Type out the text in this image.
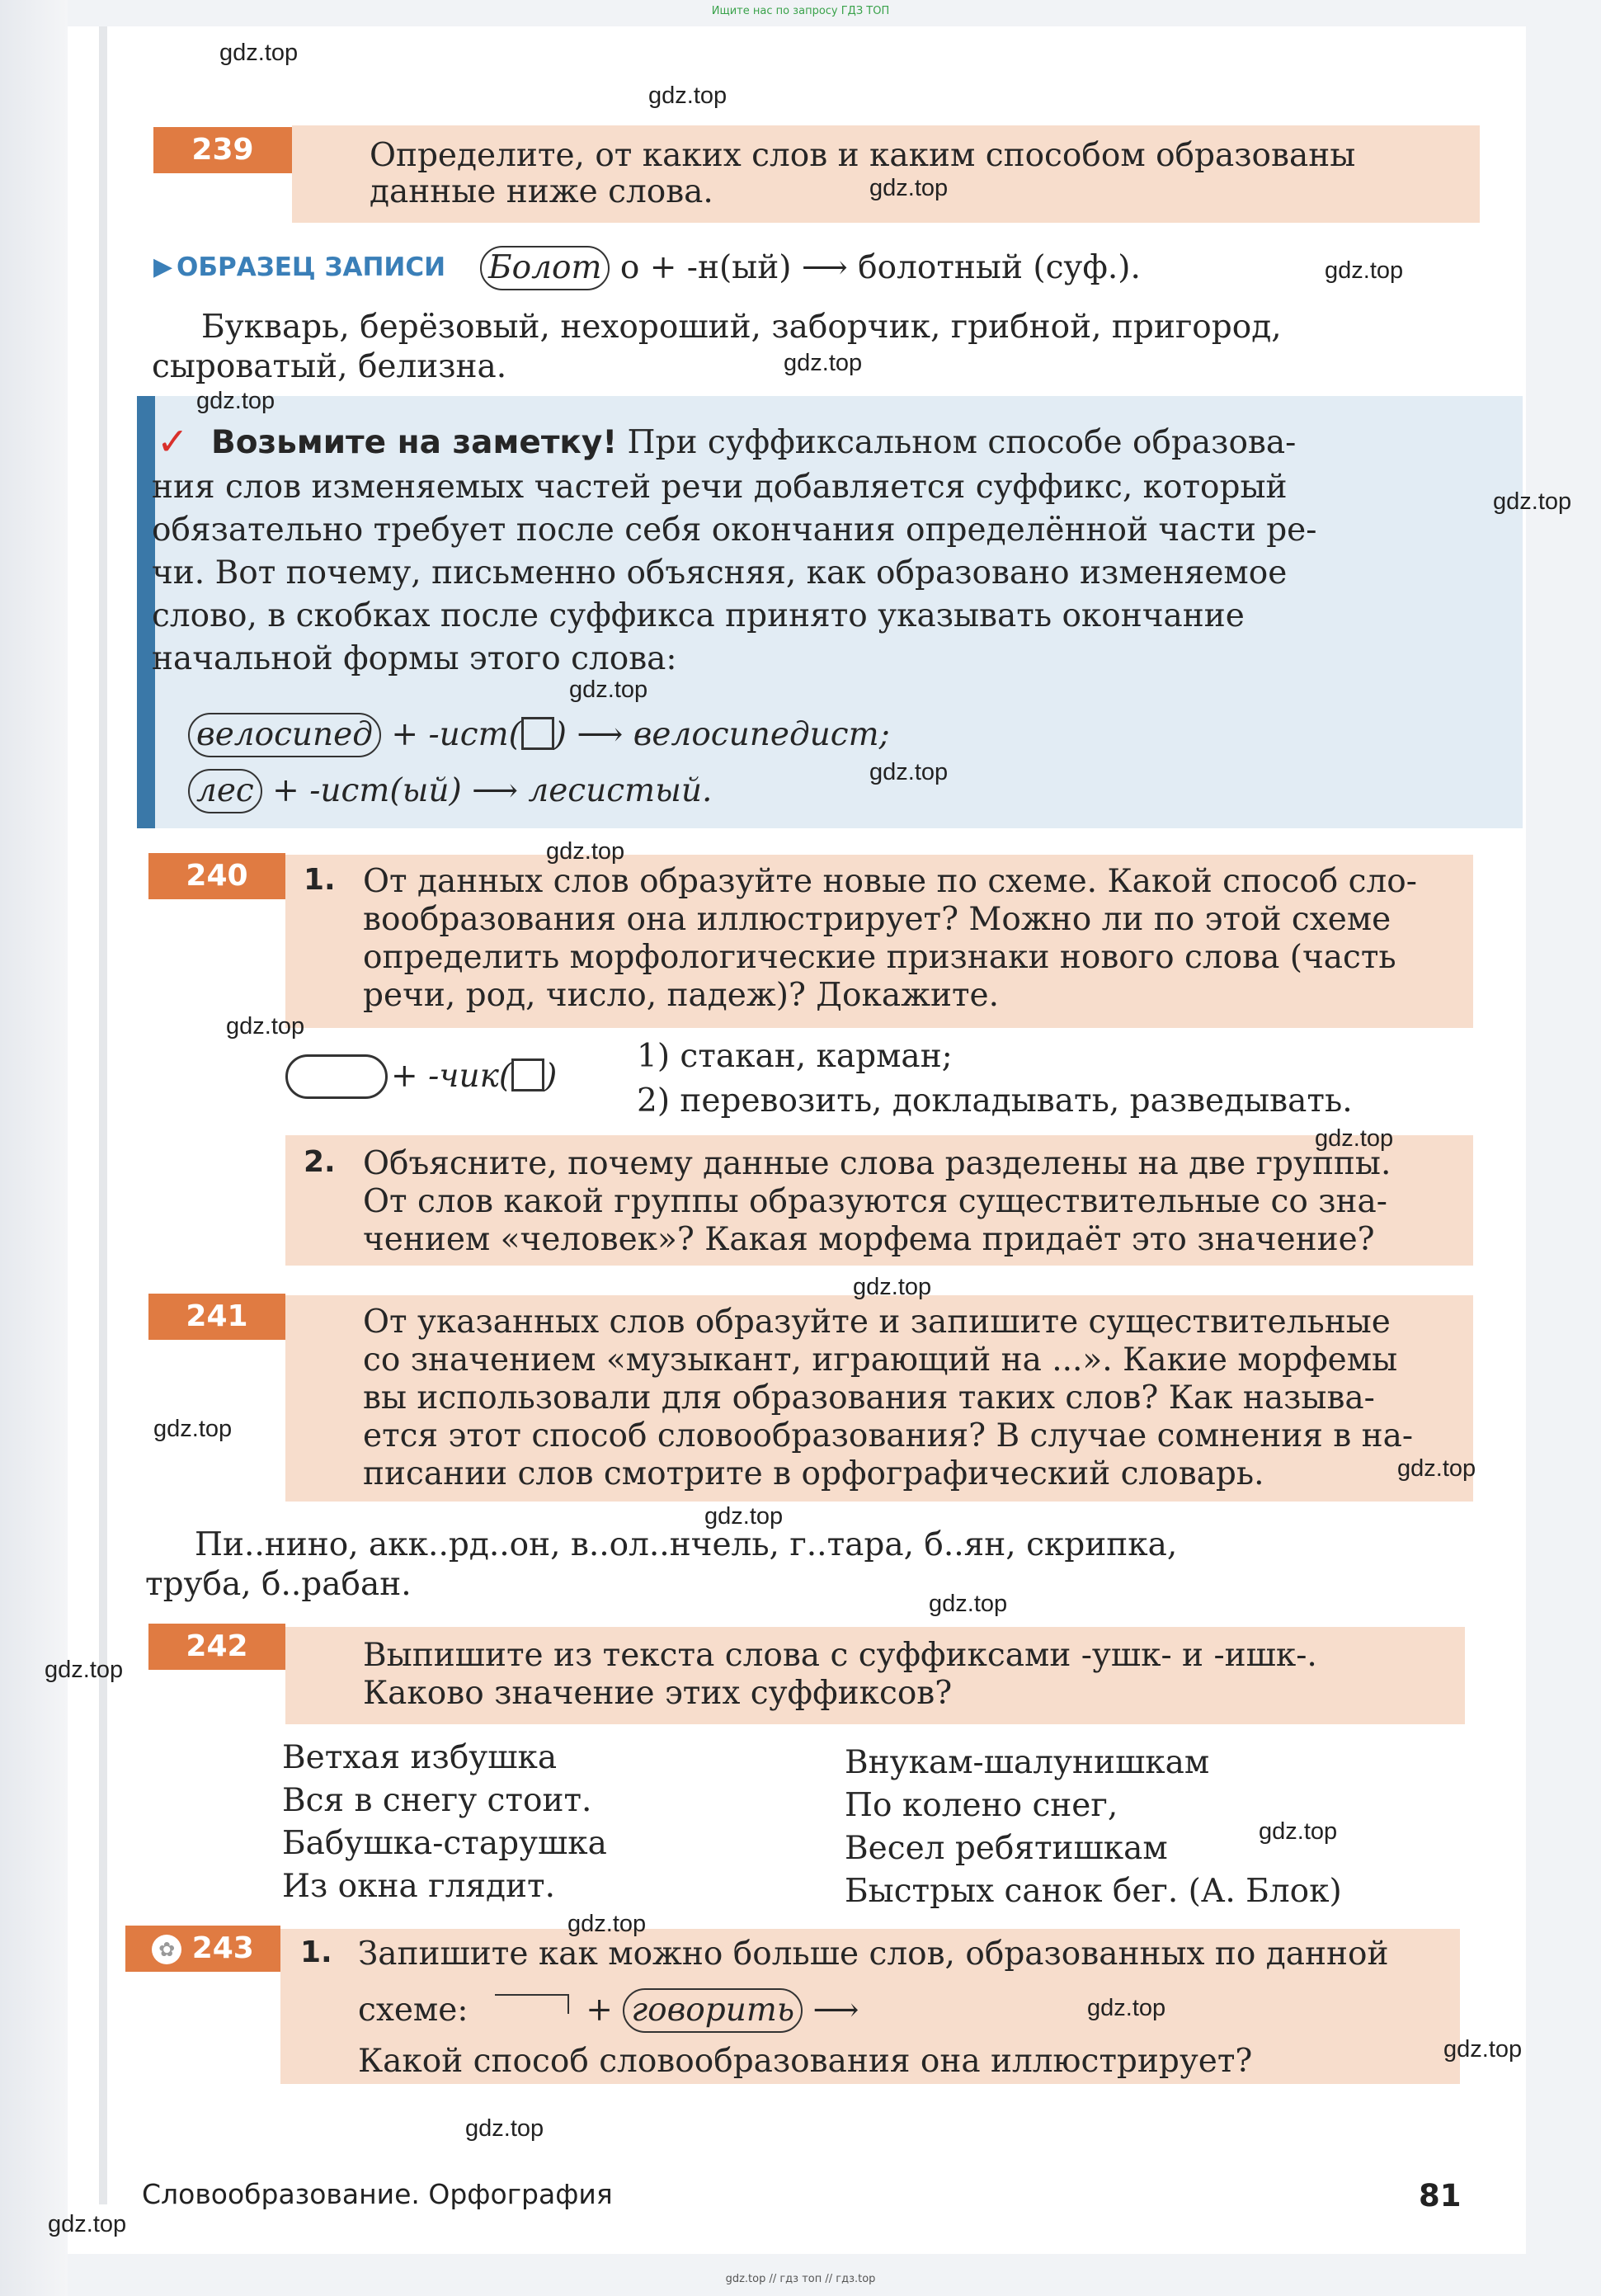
Ищите нас по запросу ГДЗ ТОП
239	Определите, от каких слов и каким способом образованы
данные ниже слова.
▶ ОБРАЗЕЦ ЗАПИСИ Болот о + -н(ый) ⟶ болотный (суф.).
Букварь, берёзовый, нехороший, заборчик, грибной, пригород,
сыроватый, белизна.
✓ Возьмите на заметку! При суффиксальном способе образова-
ния слов изменяемых частей речи добавляется суффикс, который
обязательно требует после себя окончания определённой части ре-
чи. Вот почему, письменно объясняя, как образовано изменяемое
слово, в скобках после суффикса принято указывать окончание
начальной формы этого слова:
велосипед + -ист( ) ⟶ велосипедист;
лес + -ист(ый) ⟶ лесистый.
240	1. От данных слов образуйте новые по схеме. Какой способ сло-
вообразования она иллюстрирует? Можно ли по этой схеме
определить морфологические признаки нового слова (часть
речи, род, число, падеж)? Докажите.
+ -чик( )
1) стакан, карман;
2) перевозить, докладывать, разведывать.
2. Объясните, почему данные слова разделены на две группы.
От слов какой группы образуются существительные со зна-
чением «человек»? Какая морфема придаёт это значение?
241	От указанных слов образуйте и запишите существительные
со значением «музыкант, играющий на ...». Какие морфемы
вы использовали для образования таких слов? Как называ-
ется этот способ словообразования? В случае сомнения в на-
писании слов смотрите в орфографический словарь.
Пи..нино, акк..рд..он, в..ол..нчель, г..тара, б..ян, скрипка,
труба, б..рабан.
242	Выпишите из текста слова с суффиксами -ушк- и -ишк-.
Каково значение этих суффиксов?
Ветхая избушка
Вся в снегу стоит.
Бабушка-старушка
Из окна глядит.
Внукам-шалунишкам
По колено снег,
Весел ребятишкам
Быстрых санок бег. (А. Блок)
✿ 243	1. Запишите как можно больше слов, образованных по данной
схеме:	+ говорить ⟶
Какой способ словообразования она иллюстрирует?
Словообразование. Орфография	81
gdz.top
gdz.top
gdz.top
gdz.top
gdz.top
gdz.top
gdz.top
gdz.top
gdz.top
gdz.top
gdz.top
gdz.top
gdz.top
gdz.top
gdz.top
gdz.top
gdz.top
gdz.top
gdz.top
gdz.top
gdz.top
gdz.top
gdz.top
gdz.top
gdz.top // гдз топ // гдз.top
